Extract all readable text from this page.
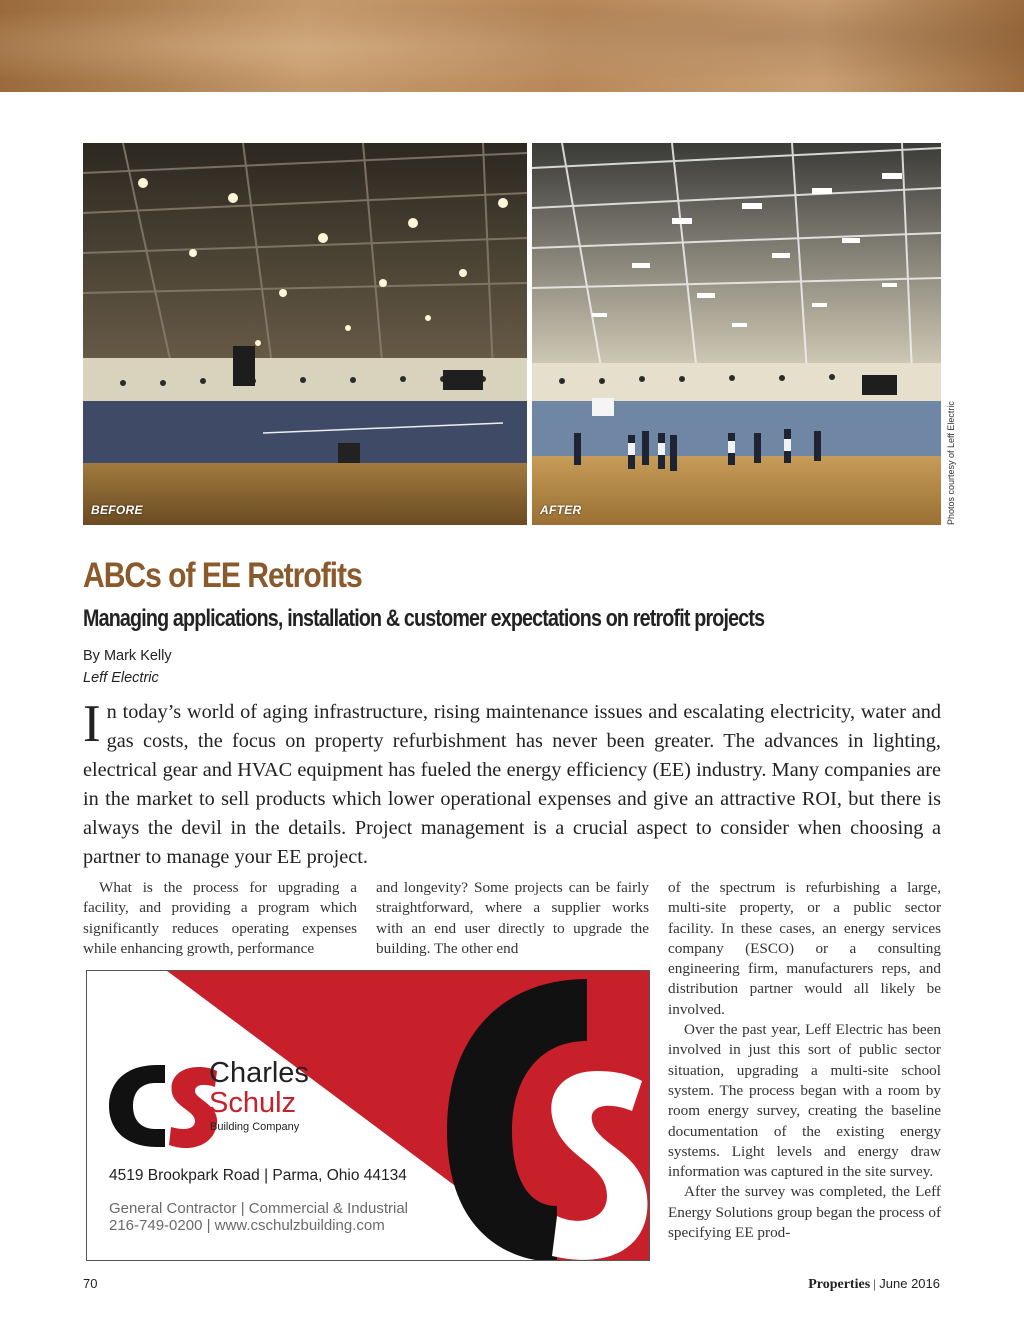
BEFORE	AFTER	Photos courtesy of Leff Electric
ABCs of EE Retrofits
Managing applications, installation & customer expectations on retrofit projects
By Mark Kelly
Leff Electric
In today’s world of aging infrastructure, rising maintenance issues and escalating electricity, water and gas costs, the focus on property refurbishment has never been greater. The advances in lighting, electrical gear and HVAC equipment has fueled the energy efficiency (EE) industry. Many companies are in the market to sell products which lower operational expenses and give an attractive ROI, but there is always the devil in the details. Project management is a crucial aspect to consider when choosing a partner to manage your EE project.

What is the process for upgrading a facility, and providing a program which significantly reduces operating expenses while enhancing growth, performance

and longevity? Some projects can be fairly straightforward, where a supplier works with an end user directly to upgrade the building. The other end

of the spectrum is refurbishing a large, multi-site property, or a public sector facility. In these cases, an energy services company (ESCO) or a consulting engineering firm, manufacturers reps, and distribution partner would all likely be involved.

Over the past year, Leff Electric has been involved in just this sort of public sector situation, upgrading a multi-site school system. The process began with a room by room energy survey, creating the baseline documentation of the existing energy systems. Light levels and energy draw information was captured in the site survey.

After the survey was completed, the Leff Energy Solutions group began the process of specifying EE prod-

Charles
Schulz
Building Company
4519 Brookpark Road | Parma, Ohio 44134
General Contractor | Commercial & Industrial
216-749-0200 | www.cschulzbuilding.com
70	Properties | June 2016
